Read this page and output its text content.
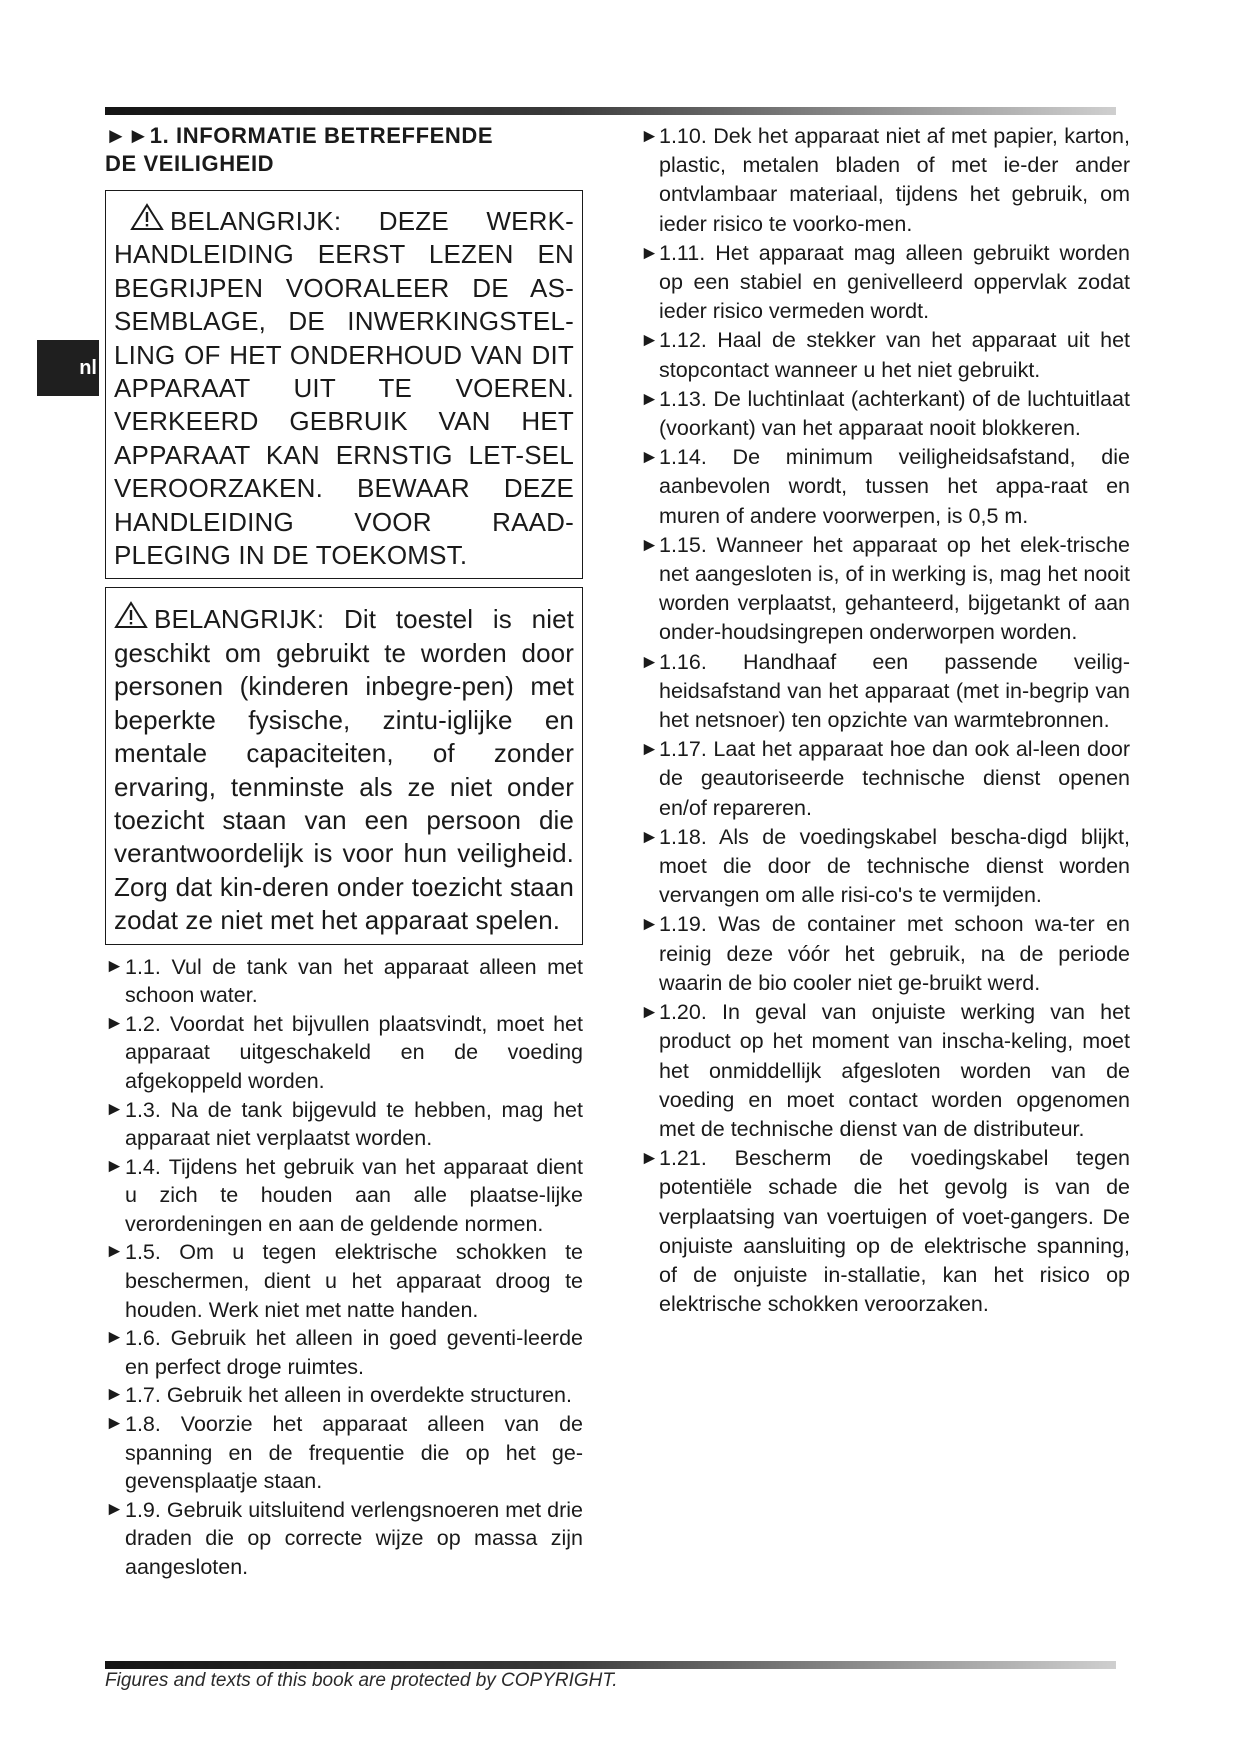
nl
►►1. INFORMATIE BETREFFENDE
DE VEILIGHEID
BELANGRIJK: DEZE WERK-HANDLEIDING EERST LEZEN EN BEGRIJPEN VOORALEER DE AS-SEMBLAGE, DE INWERKINGSTEL-LING OF HET ONDERHOUD VAN DIT APPARAAT UIT TE VOEREN. VERKEERD GEBRUIK VAN HET APPARAAT KAN ERNSTIG LET-SEL VEROORZAKEN. BEWAAR DEZE HANDLEIDING VOOR RAAD-PLEGING IN DE TOEKOMST.
BELANGRIJK: Dit toestel is niet geschikt om gebruikt te worden door personen (kinderen inbegre-pen) met beperkte fysische, zintu-iglijke en mentale capaciteiten, of zonder ervaring, tenminste als ze niet onder toezicht staan van een persoon die verantwoordelijk is voor hun veiligheid. Zorg dat kin-deren onder toezicht staan zodat ze niet met het apparaat spelen.

► 1.1. Vul de tank van het apparaat alleen met schoon water.

► 1.2. Voordat het bijvullen plaatsvindt, moet het apparaat uitgeschakeld en de voeding afgekoppeld worden.

► 1.3. Na de tank bijgevuld te hebben, mag het apparaat niet verplaatst worden.

► 1.4. Tijdens het gebruik van het apparaat dient u zich te houden aan alle plaatse-lijke verordeningen en aan de geldende normen.

► 1.5. Om u tegen elektrische schokken te beschermen, dient u het apparaat droog te houden. Werk niet met natte handen.

► 1.6. Gebruik het alleen in goed geventi-leerde en perfect droge ruimtes.

► 1.7. Gebruik het alleen in overdekte structuren.

► 1.8. Voorzie het apparaat alleen van de spanning en de frequentie die op het ge-gevensplaatje staan.

► 1.9. Gebruik uitsluitend verlengsnoeren met drie draden die op correcte wijze op massa zijn aangesloten.

► 1.10. Dek het apparaat niet af met papier, karton, plastic, metalen bladen of met ie-der ander ontvlambaar materiaal, tijdens het gebruik, om ieder risico te voorko-men.

► 1.11. Het apparaat mag alleen gebruikt worden op een stabiel en genivelleerd oppervlak zodat ieder risico vermeden wordt.

► 1.12. Haal de stekker van het apparaat uit het stopcontact wanneer u het niet gebruikt.

► 1.13. De luchtinlaat (achterkant) of de luchtuitlaat (voorkant) van het apparaat nooit blokkeren.

► 1.14. De minimum veiligheidsafstand, die aanbevolen wordt, tussen het appa-raat en muren of andere voorwerpen, is 0,5 m.

► 1.15. Wanneer het apparaat op het elek-trische net aangesloten is, of in werking is, mag het nooit worden verplaatst, gehanteerd, bijgetankt of aan onder-houdsingrepen onderworpen worden.

► 1.16. Handhaaf een passende veilig-heidsafstand van het apparaat (met in-begrip van het netsnoer) ten opzichte van warmtebronnen.

► 1.17. Laat het apparaat hoe dan ook al-leen door de geautoriseerde technische dienst openen en/of repareren.

► 1.18. Als de voedingskabel bescha-digd blijkt, moet die door de technische dienst worden vervangen om alle risi-co's te vermijden.

► 1.19. Was de container met schoon wa-ter en reinig deze vóór het gebruik, na de periode waarin de bio cooler niet ge-bruikt werd.

► 1.20. In geval van onjuiste werking van het product op het moment van inscha-keling, moet het onmiddellijk afgesloten worden van de voeding en moet contact worden opgenomen met de technische dienst van de distributeur.

► 1.21. Bescherm de voedingskabel tegen potentiële schade die het gevolg is van de verplaatsing van voertuigen of voet-gangers. De onjuiste aansluiting op de elektrische spanning, of de onjuiste in-stallatie, kan het risico op elektrische schokken veroorzaken.

Figures and texts of this book are protected by COPYRIGHT.
